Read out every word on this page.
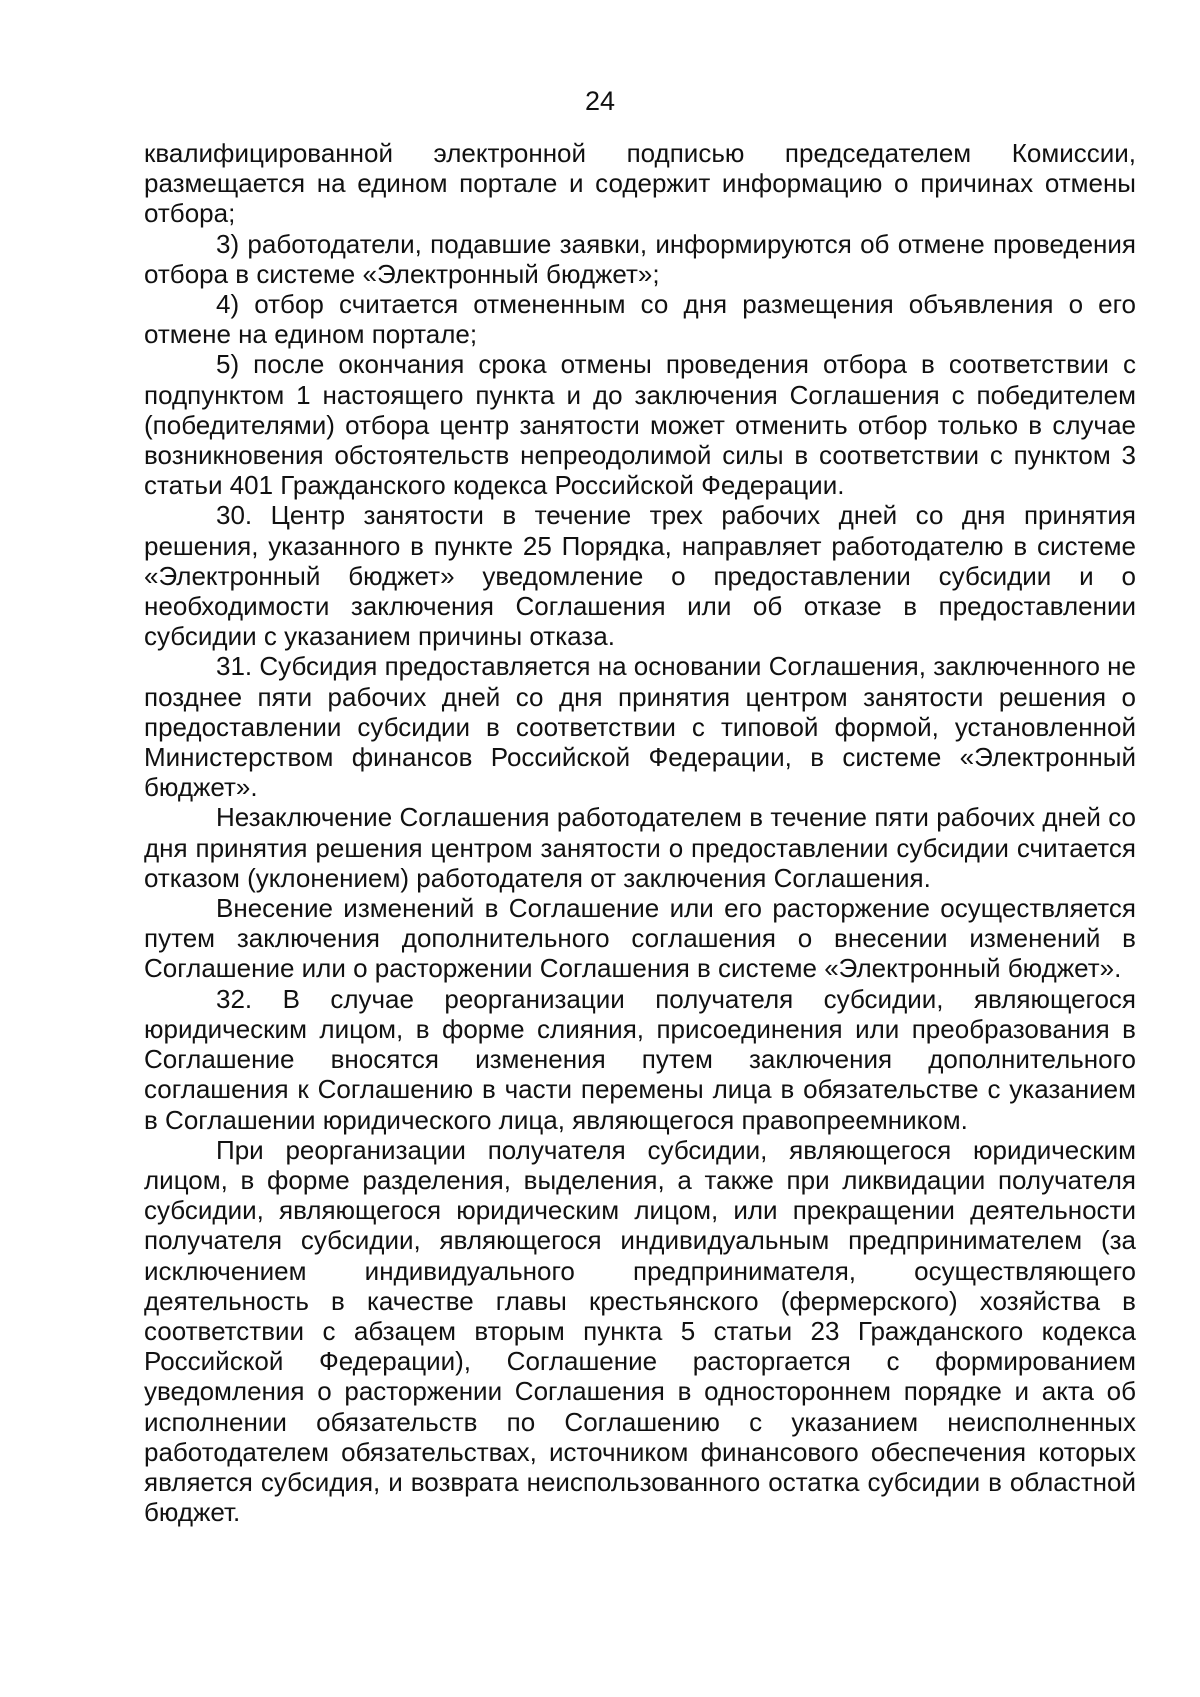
24

квалифицированной электронной подписью председателем Комиссии, размещается на едином портале и содержит информацию о причинах отмены отбора;

3) работодатели, подавшие заявки, информируются об отмене проведения отбора в системе «Электронный бюджет»;

4) отбор считается отмененным со дня размещения объявления о его отмене на едином портале;

5) после окончания срока отмены проведения отбора в соответствии с подпунктом 1 настоящего пункта и до заключения Соглашения с победителем (победителями) отбора центр занятости может отменить отбор только в случае возникновения обстоятельств непреодолимой силы в соответствии с пунктом 3 статьи 401 Гражданского кодекса Российской Федерации.

30. Центр занятости в течение трех рабочих дней со дня принятия решения, указанного в пункте 25 Порядка, направляет работодателю в системе «Электронный бюджет» уведомление о предоставлении субсидии и о необходимости заключения Соглашения или об отказе в предоставлении субсидии с указанием причины отказа.

31. Субсидия предоставляется на основании Соглашения, заключенного не позднее пяти рабочих дней со дня принятия центром занятости решения о предоставлении субсидии в соответствии с типовой формой, установленной Министерством финансов Российской Федерации, в системе «Электронный бюджет».

Незаключение Соглашения работодателем в течение пяти рабочих дней со дня принятия решения центром занятости о предоставлении субсидии считается отказом (уклонением) работодателя от заключения Соглашения.

Внесение изменений в Соглашение или его расторжение осуществляется путем заключения дополнительного соглашения о внесении изменений в Соглашение или о расторжении Соглашения в системе «Электронный бюджет».

32. В случае реорганизации получателя субсидии, являющегося юридическим лицом, в форме слияния, присоединения или преобразования в Соглашение вносятся изменения путем заключения дополнительного соглашения к Соглашению в части перемены лица в обязательстве с указанием в Соглашении юридического лица, являющегося правопреемником.

При реорганизации получателя субсидии, являющегося юридическим лицом, в форме разделения, выделения, а также при ликвидации получателя субсидии, являющегося юридическим лицом, или прекращении деятельности получателя субсидии, являющегося индивидуальным предпринимателем (за исключением индивидуального предпринимателя, осуществляющего деятельность в качестве главы крестьянского (фермерского) хозяйства в соответствии с абзацем вторым пункта 5 статьи 23 Гражданского кодекса Российской Федерации), Соглашение расторгается с формированием уведомления о расторжении Соглашения в одностороннем порядке и акта об исполнении обязательств по Соглашению с указанием неисполненных работодателем обязательствах, источником финансового обеспечения которых является субсидия, и возврата неиспользованного остатка субсидии в областной бюджет.
